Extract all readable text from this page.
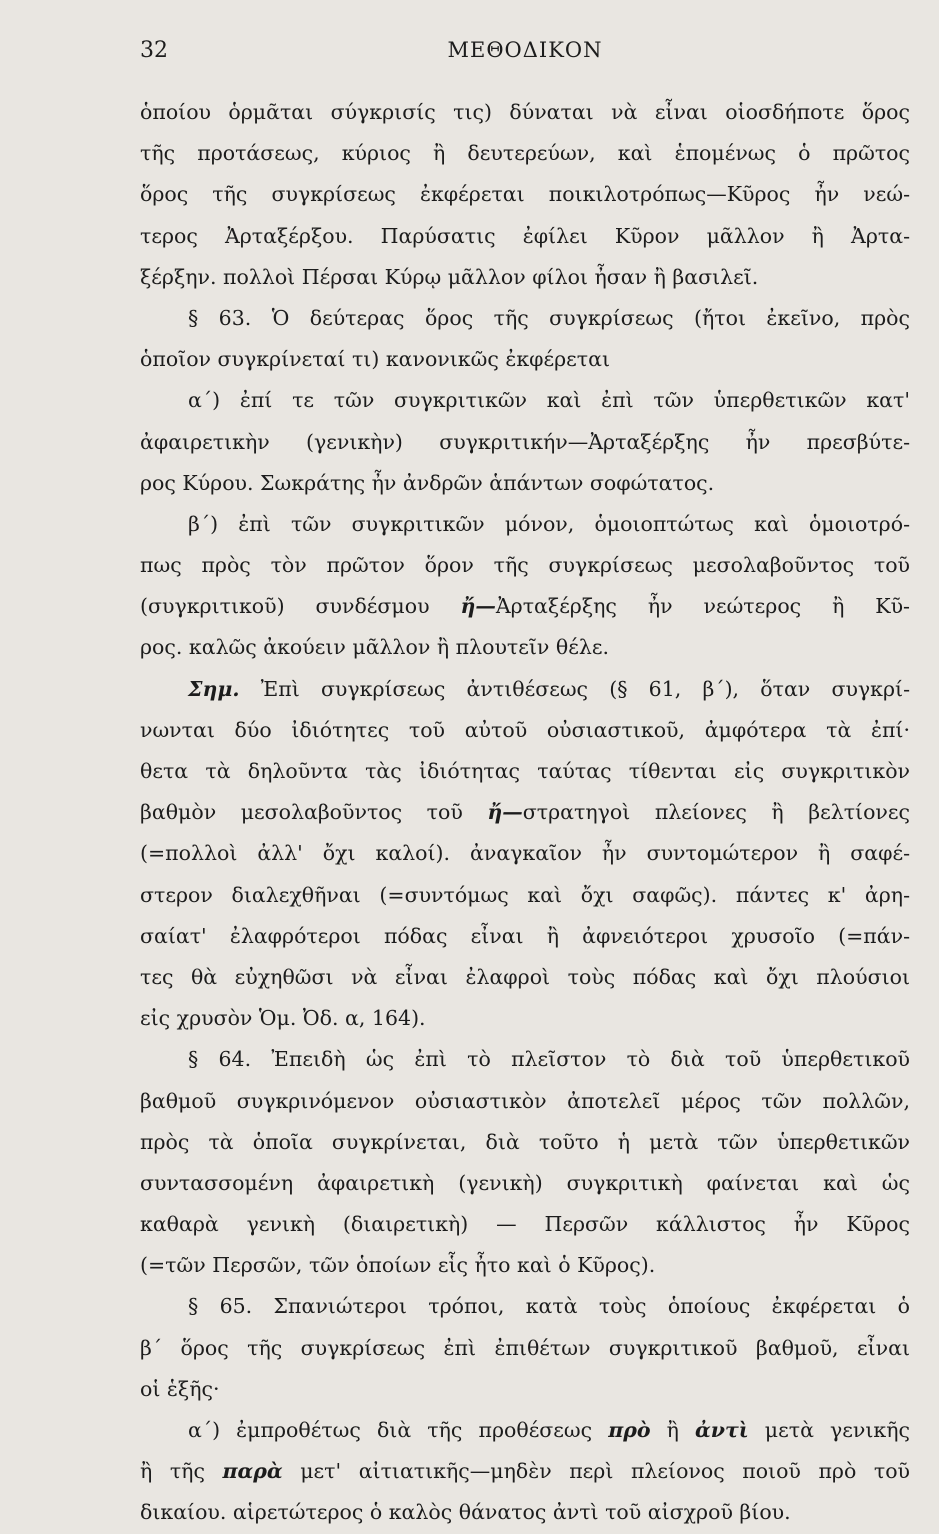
32	ΜΕΘΟΔΙΚΟΝ
ὁποίου ὁρμᾶται σύγκρισίς τις) δύναται νὰ εἶναι οἱοσδήποτε ὅρος
τῆς προτάσεως, κύριος ἢ δευτερεύων, καὶ ἑπομένως ὁ πρῶτος
ὅρος τῆς συγκρίσεως ἐκφέρεται ποικιλοτρόπως—Κῦρος ἦν νεώ-
τερος Ἀρταξέρξου. Παρύσατις ἐφίλει Κῦρον μᾶλλον ἢ Ἀρτα-
ξέρξην. πολλοὶ Πέρσαι Κύρῳ μᾶλλον φίλοι ἦσαν ἢ βασιλεῖ.
§ 63. Ὁ δεύτερας ὅρος τῆς συγκρίσεως (ἤτοι ἐκεῖνο, πρὸς
ὁποῖον συγκρίνεταί τι) κανονικῶς ἐκφέρεται
α΄) ἐπί τε τῶν συγκριτικῶν καὶ ἐπὶ τῶν ὑπερθετικῶν κατ'
ἀφαιρετικὴν (γενικὴν) συγκριτικήν—Ἀρταξέρξης ἦν πρεσβύτε-
ρος Κύρου. Σωκράτης ἦν ἀνδρῶν ἁπάντων σοφώτατος.
β΄) ἐπὶ τῶν συγκριτικῶν μόνον, ὁμοιοπτώτως καὶ ὁμοιοτρό-
πως πρὸς τὸν πρῶτον ὅρον τῆς συγκρίσεως μεσολαβοῦντος τοῦ
(συγκριτικοῦ) συνδέσμου ἤ—Ἀρταξέρξης ἦν νεώτερος ἢ Κῦ-
ρος. καλῶς ἀκούειν μᾶλλον ἢ πλουτεῖν θέλε.
Σημ. Ἐπὶ συγκρίσεως ἀντιθέσεως (§ 61, β΄), ὅταν συγκρί-
νωνται δύο ἰδιότητες τοῦ αὐτοῦ οὐσιαστικοῦ, ἀμφότερα τὰ ἐπί·
θετα τὰ δηλοῦντα τὰς ἰδιότητας ταύτας τίθενται εἰς συγκριτικὸν
βαθμὸν μεσολαβοῦντος τοῦ ἤ—στρατηγοὶ πλείονες ἢ βελτίονες
(=πολλοὶ ἀλλ' ὄχι καλοί). ἀναγκαῖον ἦν συντομώτερον ἢ σαφέ-
στερον διαλεχθῆναι (=συντόμως καὶ ὄχι σαφῶς). πάντες κ' ἀρη-
σαίατ' ἐλαφρότεροι πόδας εἶναι ἢ ἀφνειότεροι χρυσοῖο (=πάν-
τες θὰ εὐχηθῶσι νὰ εἶναι ἐλαφροὶ τοὺς πόδας καὶ ὄχι πλούσιοι
εἰς χρυσὸν Ὁμ. Ὀδ. α, 164).
§ 64. Ἐπειδὴ ὡς ἐπὶ τὸ πλεῖστον τὸ διὰ τοῦ ὑπερθετικοῦ
βαθμοῦ συγκρινόμενον οὐσιαστικὸν ἀποτελεῖ μέρος τῶν πολλῶν,
πρὸς τὰ ὁποῖα συγκρίνεται, διὰ τοῦτο ἡ μετὰ τῶν ὑπερθετικῶν
συντασσομένη ἀφαιρετικὴ (γενικὴ) συγκριτικὴ φαίνεται καὶ ὡς
καθαρὰ γενικὴ (διαιρετικὴ) — Περσῶν κάλλιστος ἦν Κῦρος
(=τῶν Περσῶν, τῶν ὁποίων εἷς ἦτο καὶ ὁ Κῦρος).
§ 65. Σπανιώτεροι τρόποι, κατὰ τοὺς ὁποίους ἐκφέρεται ὁ
β΄ ὅρος τῆς συγκρίσεως ἐπὶ ἐπιθέτων συγκριτικοῦ βαθμοῦ, εἶναι
οἱ ἑξῆς·
α΄) ἐμπροθέτως διὰ τῆς προθέσεως πρὸ ἢ ἀντὶ μετὰ γενικῆς
ἢ τῆς παρὰ μετ' αἰτιατικῆς—μηδὲν περὶ πλείονος ποιοῦ πρὸ τοῦ
δικαίου. αἱρετώτερος ὁ καλὸς θάνατος ἀντὶ τοῦ αἰσχροῦ βίου.
